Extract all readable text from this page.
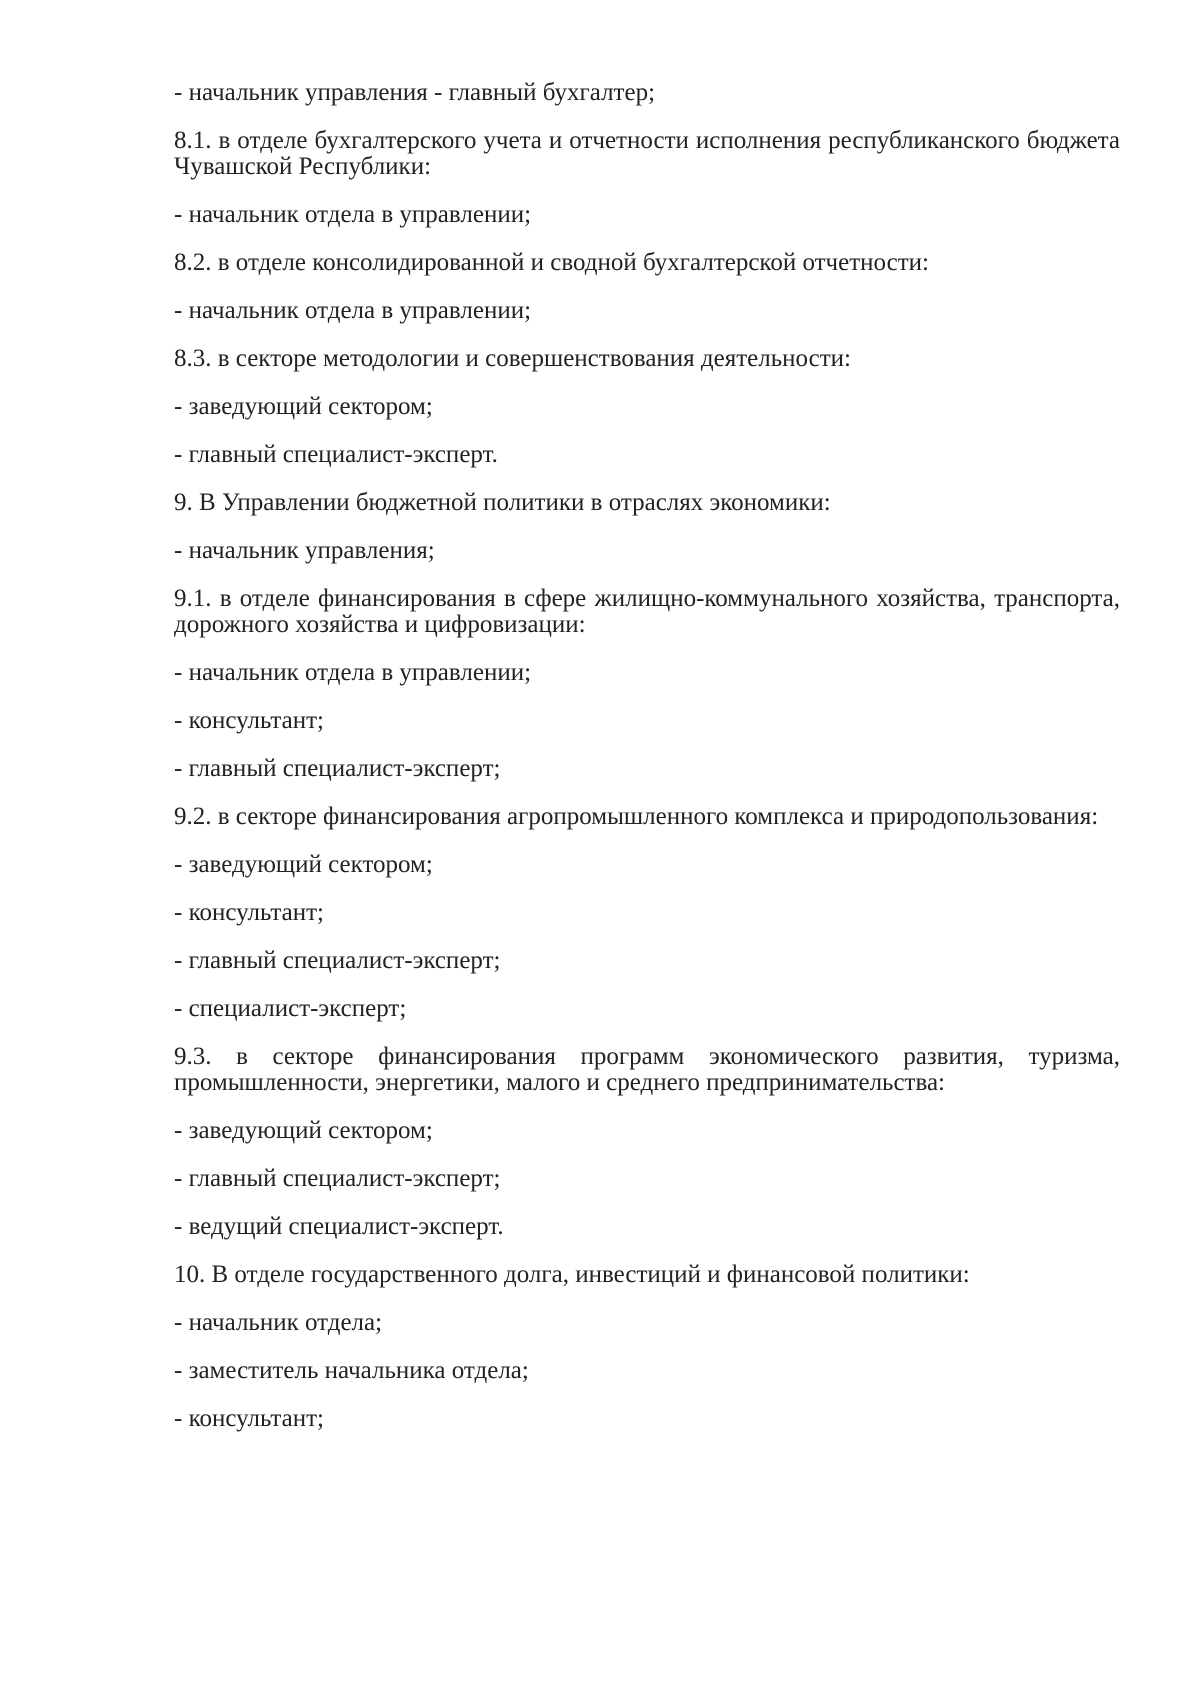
- начальник управления - главный бухгалтер;

8.1. в отделе бухгалтерского учета и отчетности исполнения республиканского бюджета Чувашской Республики:

- начальник отдела в управлении;

8.2. в отделе консолидированной и сводной бухгалтерской отчетности:

- начальник отдела в управлении;

8.3. в секторе методологии и совершенствования деятельности:

- заведующий сектором;

- главный специалист-эксперт.

9. В Управлении бюджетной политики в отраслях экономики:

- начальник управления;

9.1. в отделе финансирования в сфере жилищно-коммунального хозяйства, транспорта, дорожного хозяйства и цифровизации:

- начальник отдела в управлении;

- консультант;

- главный специалист-эксперт;

9.2. в секторе финансирования агропромышленного комплекса и природопользования:

- заведующий сектором;

- консультант;

- главный специалист-эксперт;

- специалист-эксперт;

9.3. в секторе финансирования программ экономического развития, туризма, промышленности, энергетики, малого и среднего предпринимательства:

- заведующий сектором;

- главный специалист-эксперт;

- ведущий специалист-эксперт.

10. В отделе государственного долга, инвестиций и финансовой политики:

- начальник отдела;

- заместитель начальника отдела;

- консультант;
